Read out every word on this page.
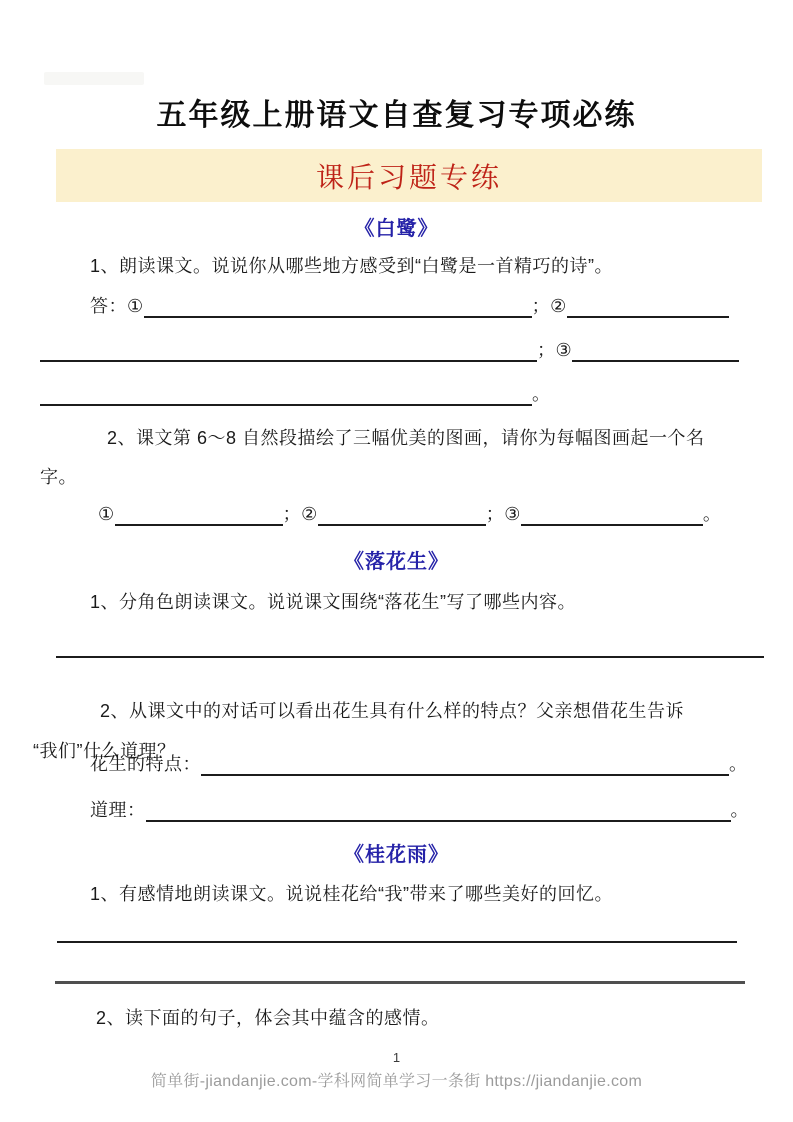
五年级上册语文自查复习专项必练
课后习题专练
《白鹭》
1、朗读课文。说说你从哪些地方感受到“白鹭是一首精巧的诗”。
答： ①	； ②
； ③
。
2、课文第 6～8 自然段描绘了三幅优美的图画，请你为每幅图画起一个名
字。
①	； ②	； ③	。
《落花生》
1、分角色朗读课文。说说课文围绕“落花生”写了哪些内容。
2、从课文中的对话可以看出花生具有什么样的特点？父亲想借花生告诉
“我们”什么道理？
花生的特点：	。
道理：	。
《桂花雨》
1、有感情地朗读课文。说说桂花给“我”带来了哪些美好的回忆。
2、读下面的句子，体会其中蕴含的感情。
1
简单街-jiandanjie.com-学科网简单学习一条街 https://jiandanjie.com
